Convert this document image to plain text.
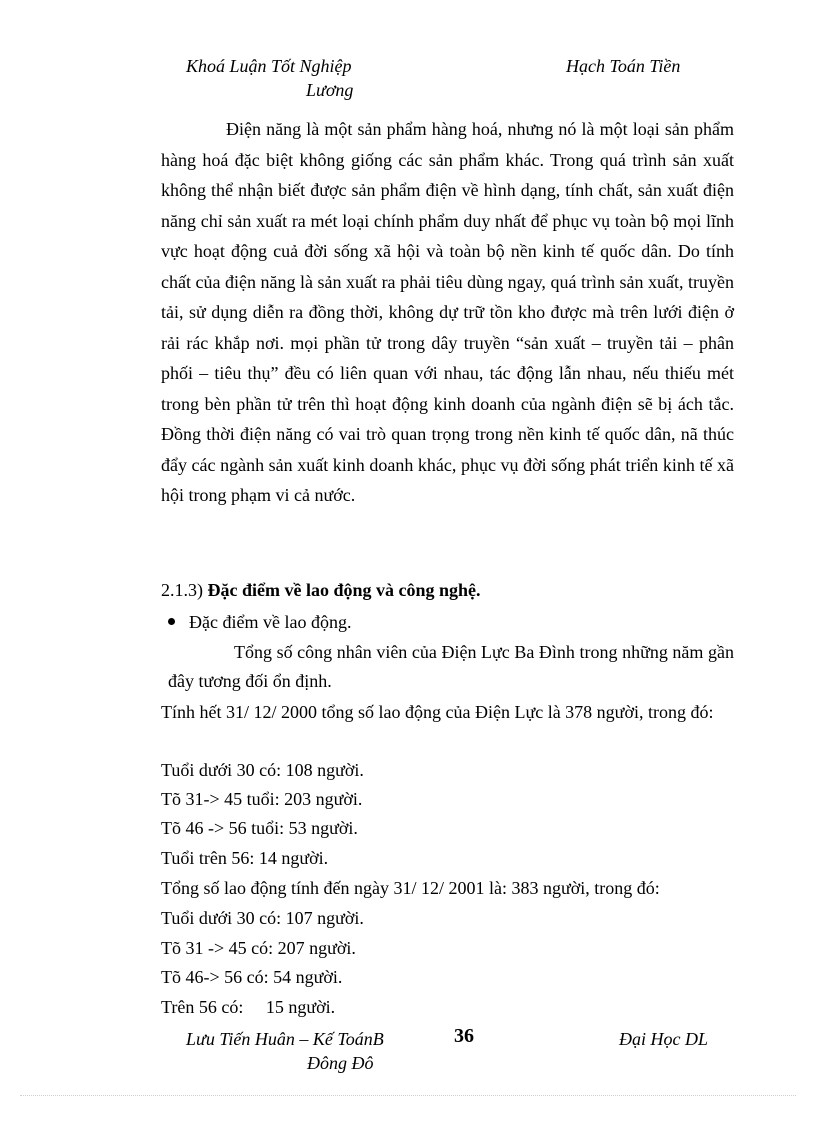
Khoá Luận Tốt Nghiệp
Lương
Hạch Toán Tiền

Điện năng là một sản phẩm hàng hoá, nhưng nó là một loại sản phẩm hàng hoá đặc biệt không giống các sản phẩm khác. Trong quá trình sản xuất không thể nhận biết được sản phẩm điện về hình dạng, tính chất, sản xuất điện năng chỉ sản xuất ra mét loại chính phẩm duy nhất để phục vụ toàn bộ mọi lĩnh vực hoạt động cuả đời sống xã hội và toàn bộ nền kinh tế quốc dân. Do tính chất của điện năng là sản xuất ra phải tiêu dùng ngay, quá trình sản xuất, truyền tải, sử dụng diễn ra đồng thời, không dự trữ tồn kho được mà trên lưới điện ở rải rác khắp nơi. mọi phần tử trong dây truyền “sản xuất – truyền tải – phân phối – tiêu thụ” đều có liên quan với nhau, tác động lẫn nhau, nếu thiếu mét trong bèn phần tử trên thì hoạt động kinh doanh của ngành điện sẽ bị ách tắc. Đồng thời điện năng có vai trò quan trọng trong nền kinh tế quốc dân, nã thúc đẩy các ngành sản xuất kinh doanh khác, phục vụ đời sống phát triển kinh tế xã hội trong phạm vi cả nước.

2.1.3) Đặc điểm về lao động và công nghệ.
Đặc điểm về lao động.

Tổng số công nhân viên của Điện Lực Ba Đình trong những năm gần đây tương đối ổn định.

Tính hết 31/ 12/ 2000 tổng số lao động của Điện Lực là 378 người, trong đó:

Tuổi dưới 30 có: 108 người.
Tõ 31-> 45 tuổi: 203 người.
Tõ 46 -> 56 tuổi: 53 người.
Tuổi trên 56: 14 người.
Tổng số lao động tính đến ngày 31/ 12/ 2001 là: 383 người, trong đó:
Tuổi dưới 30 có: 107 người.
Tõ 31 -> 45 có: 207 người.
Tõ 46-> 56 có: 54 người.
Trên 56 có:     15 người.
Lưu Tiến Huân – Kế ToánB
Đông Đô
36	Đại Học DL
